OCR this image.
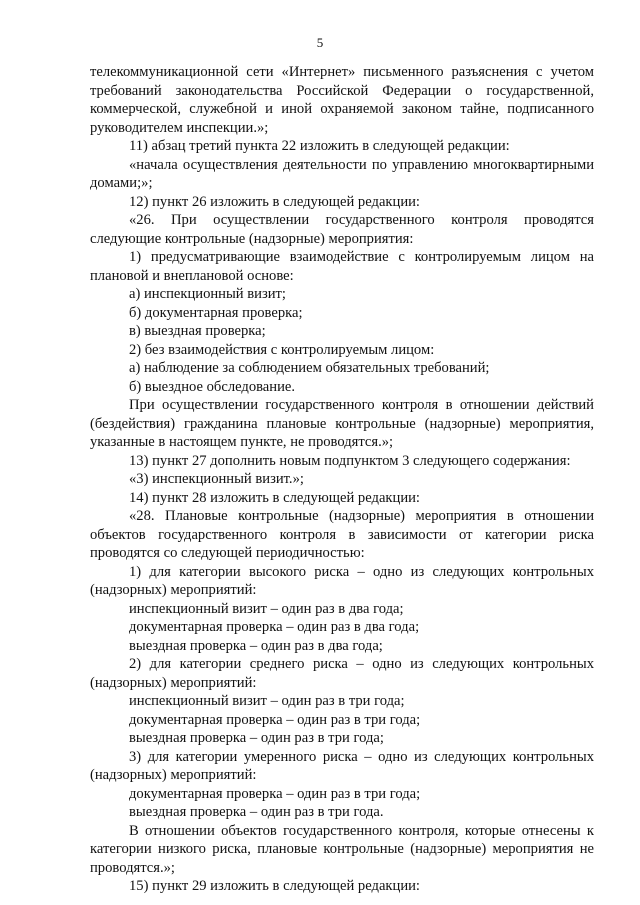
5

телекоммуникационной сети «Интернет» письменного разъяснения с учетом требований законодательства Российской Федерации о государственной, коммерческой, служебной и иной охраняемой законом тайне, подписанного руководителем инспекции.»;

11) абзац третий пункта 22 изложить в следующей редакции:

«начала осуществления деятельности по управлению многоквартирными домами;»;

12) пункт 26 изложить в следующей редакции:

«26. При осуществлении государственного контроля проводятся следующие контрольные (надзорные) мероприятия:

1) предусматривающие взаимодействие с контролируемым лицом на плановой и внеплановой основе:

а) инспекционный визит;

б) документарная проверка;

в) выездная проверка;

2) без взаимодействия с контролируемым лицом:

а) наблюдение за соблюдением обязательных требований;

б) выездное обследование.

При осуществлении государственного контроля в отношении действий (бездействия) гражданина плановые контрольные (надзорные) мероприятия, указанные в настоящем пункте, не проводятся.»;

13) пункт 27 дополнить новым подпунктом 3 следующего содержания:

«3) инспекционный визит.»;

14) пункт 28 изложить в следующей редакции:

«28. Плановые контрольные (надзорные) мероприятия в отношении объектов государственного контроля в зависимости от категории риска проводятся со следующей периодичностью:

1) для категории высокого риска – одно из следующих контрольных (надзорных) мероприятий:

инспекционный визит – один раз в два года;

документарная проверка – один раз в два года;

выездная проверка – один раз в два года;

2) для категории среднего риска – одно из следующих контрольных (надзорных) мероприятий:

инспекционный визит – один раз в три года;

документарная проверка – один раз в три года;

выездная проверка – один раз в три года;

3) для категории умеренного риска – одно из следующих контрольных (надзорных) мероприятий:

документарная проверка – один раз в три года;

выездная проверка – один раз в три года.

В отношении объектов государственного контроля, которые отнесены к категории низкого риска, плановые контрольные (надзорные) мероприятия не проводятся.»;

15) пункт 29 изложить в следующей редакции:
